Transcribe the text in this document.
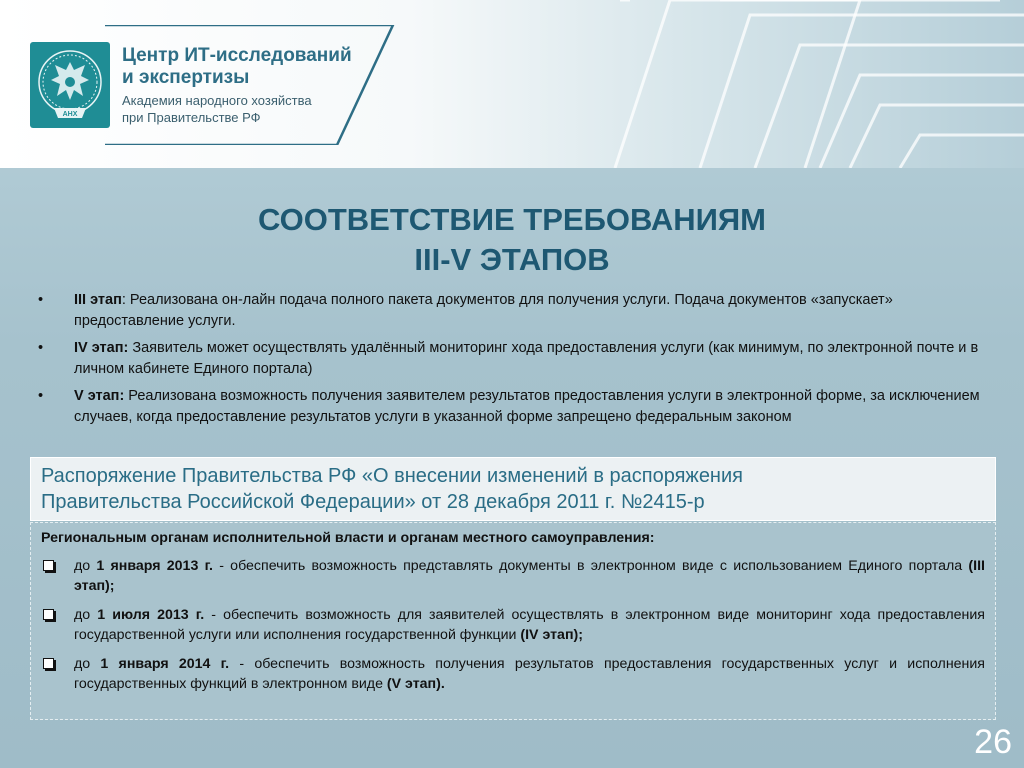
АНХ
Центр ИТ-исследований
и экспертизы
Академия народного хозяйства
при Правительстве РФ
СООТВЕТСТВИЕ ТРЕБОВАНИЯМ
III-V ЭТАПОВ
• III этап: Реализована он-лайн подача полного пакета документов для получения услуги. Подача документов «запускает» предоставление услуги.
• IV этап: Заявитель может осуществлять удалённый мониторинг хода предоставления услуги (как минимум, по электронной почте и в личном кабинете Единого портала)
• V этап: Реализована возможность получения заявителем результатов предоставления услуги в электронной форме, за исключением случаев, когда предоставление результатов услуги в указанной форме запрещено федеральным законом
Распоряжение Правительства РФ «О внесении изменений в распоряжения
Правительства Российской Федерации» от 28 декабря 2011 г. №2415-р
Региональным органам исполнительной власти и органам местного самоуправления:
до 1 января 2013 г. - обеспечить возможность представлять документы в электронном виде с использованием Единого портала (III этап);
до 1 июля 2013 г. - обеспечить возможность для заявителей осуществлять в электронном виде мониторинг хода предоставления государственной услуги или исполнения государственной функции (IV этап);
до 1 января 2014 г. - обеспечить возможность получения результатов предоставления государственных услуг и исполнения государственных функций в электронном виде (V этап).
26
